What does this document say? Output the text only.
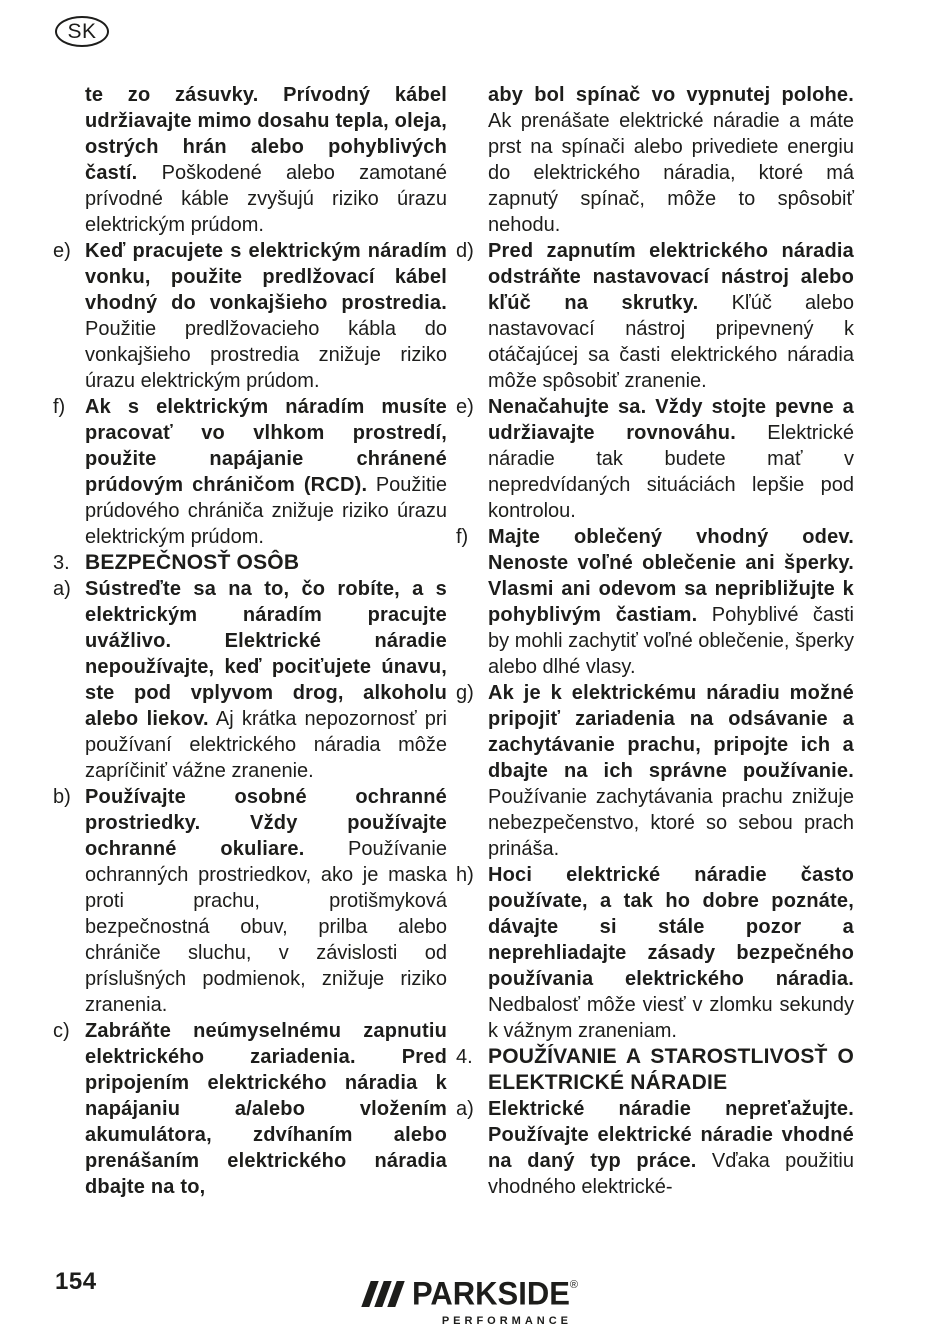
SK

te zo zásuvky. Prívodný kábel udržiavajte mimo dosahu tepla, oleja, ostrých hrán alebo pohyblivých častí. Poškodené alebo zamotané prívodné káble zvyšujú riziko úrazu elektrickým prúdom.

e) Keď pracujete s elektrickým náradím vonku, použite predlžovací kábel vhodný do vonkajšieho prostredia. Použitie predlžovacieho kábla do vonkajšieho prostredia znižuje riziko úrazu elektrickým prúdom.

f) Ak s elektrickým náradím musíte pracovať vo vlhkom prostredí, použite napájanie chránené prúdovým chráničom (RCD). Použitie prúdového chrániča znižuje riziko úrazu elektrickým prúdom.

3. BEZPEČNOSŤ OSÔB

a) Sústreďte sa na to, čo robíte, a s elektrickým náradím pracujte uvážlivo. Elektrické náradie nepoužívajte, keď pociťujete únavu, ste pod vplyvom drog, alkoholu alebo liekov. Aj krátka nepozornosť pri používaní elektrického náradia môže zapríčiniť vážne zranenie.

b) Používajte osobné ochranné prostriedky. Vždy používajte ochranné okuliare. Používanie ochranných prostriedkov, ako je maska proti prachu, protišmyková bezpečnostná obuv, prilba alebo chrániče sluchu, v závislosti od príslušných podmienok, znižuje riziko zranenia.

c) Zabráňte neúmyselnému zapnutiu elektrického zariadenia. Pred pripojením elektrického náradia k napájaniu a/alebo vložením akumulátora, zdvíhaním alebo prenášaním elektrického náradia dbajte na to,

aby bol spínač vo vypnutej polohe. Ak prenášate elektrické náradie a máte prst na spínači alebo privediete energiu do elektrického náradia, ktoré má zapnutý spínač, môže to spôsobiť nehodu.

d) Pred zapnutím elektrického náradia odstráňte nastavovací nástroj alebo kľúč na skrutky. Kľúč alebo nastavovací nástroj pripevnený k otáčajúcej sa časti elektrického náradia môže spôsobiť zranenie.

e) Nenačahujte sa. Vždy stojte pevne a udržiavajte rovnováhu. Elektrické náradie tak budete mať v nepredvídaných situáciách lepšie pod kontrolou.

f) Majte oblečený vhodný odev. Nenoste voľné oblečenie ani šperky. Vlasmi ani odevom sa nepribližujte k pohyblivým častiam. Pohyblivé časti by mohli zachytiť voľné oblečenie, šperky alebo dlhé vlasy.

g) Ak je k elektrickému náradiu možné pripojiť zariadenia na odsávanie a zachytávanie prachu, pripojte ich a dbajte na ich správne používanie. Používanie zachytávania prachu znižuje nebezpečenstvo, ktoré so sebou prach prináša.

h) Hoci elektrické náradie často používate, a tak ho dobre poznáte, dávajte si stále pozor a neprehliadajte zásady bezpečného používania elektrického náradia. Nedbalosť môže viesť v zlomku sekundy k vážnym zraneniam.

4. POUŽÍVANIE A STAROSTLIVOSŤ O ELEKTRICKÉ NÁRADIE

a) Elektrické náradie nepreťažujte. Používajte elektrické náradie vhodné na daný typ práce. Vďaka použitiu vhodného elektrické-

154	PARKSIDE®
PERFORMANCE
